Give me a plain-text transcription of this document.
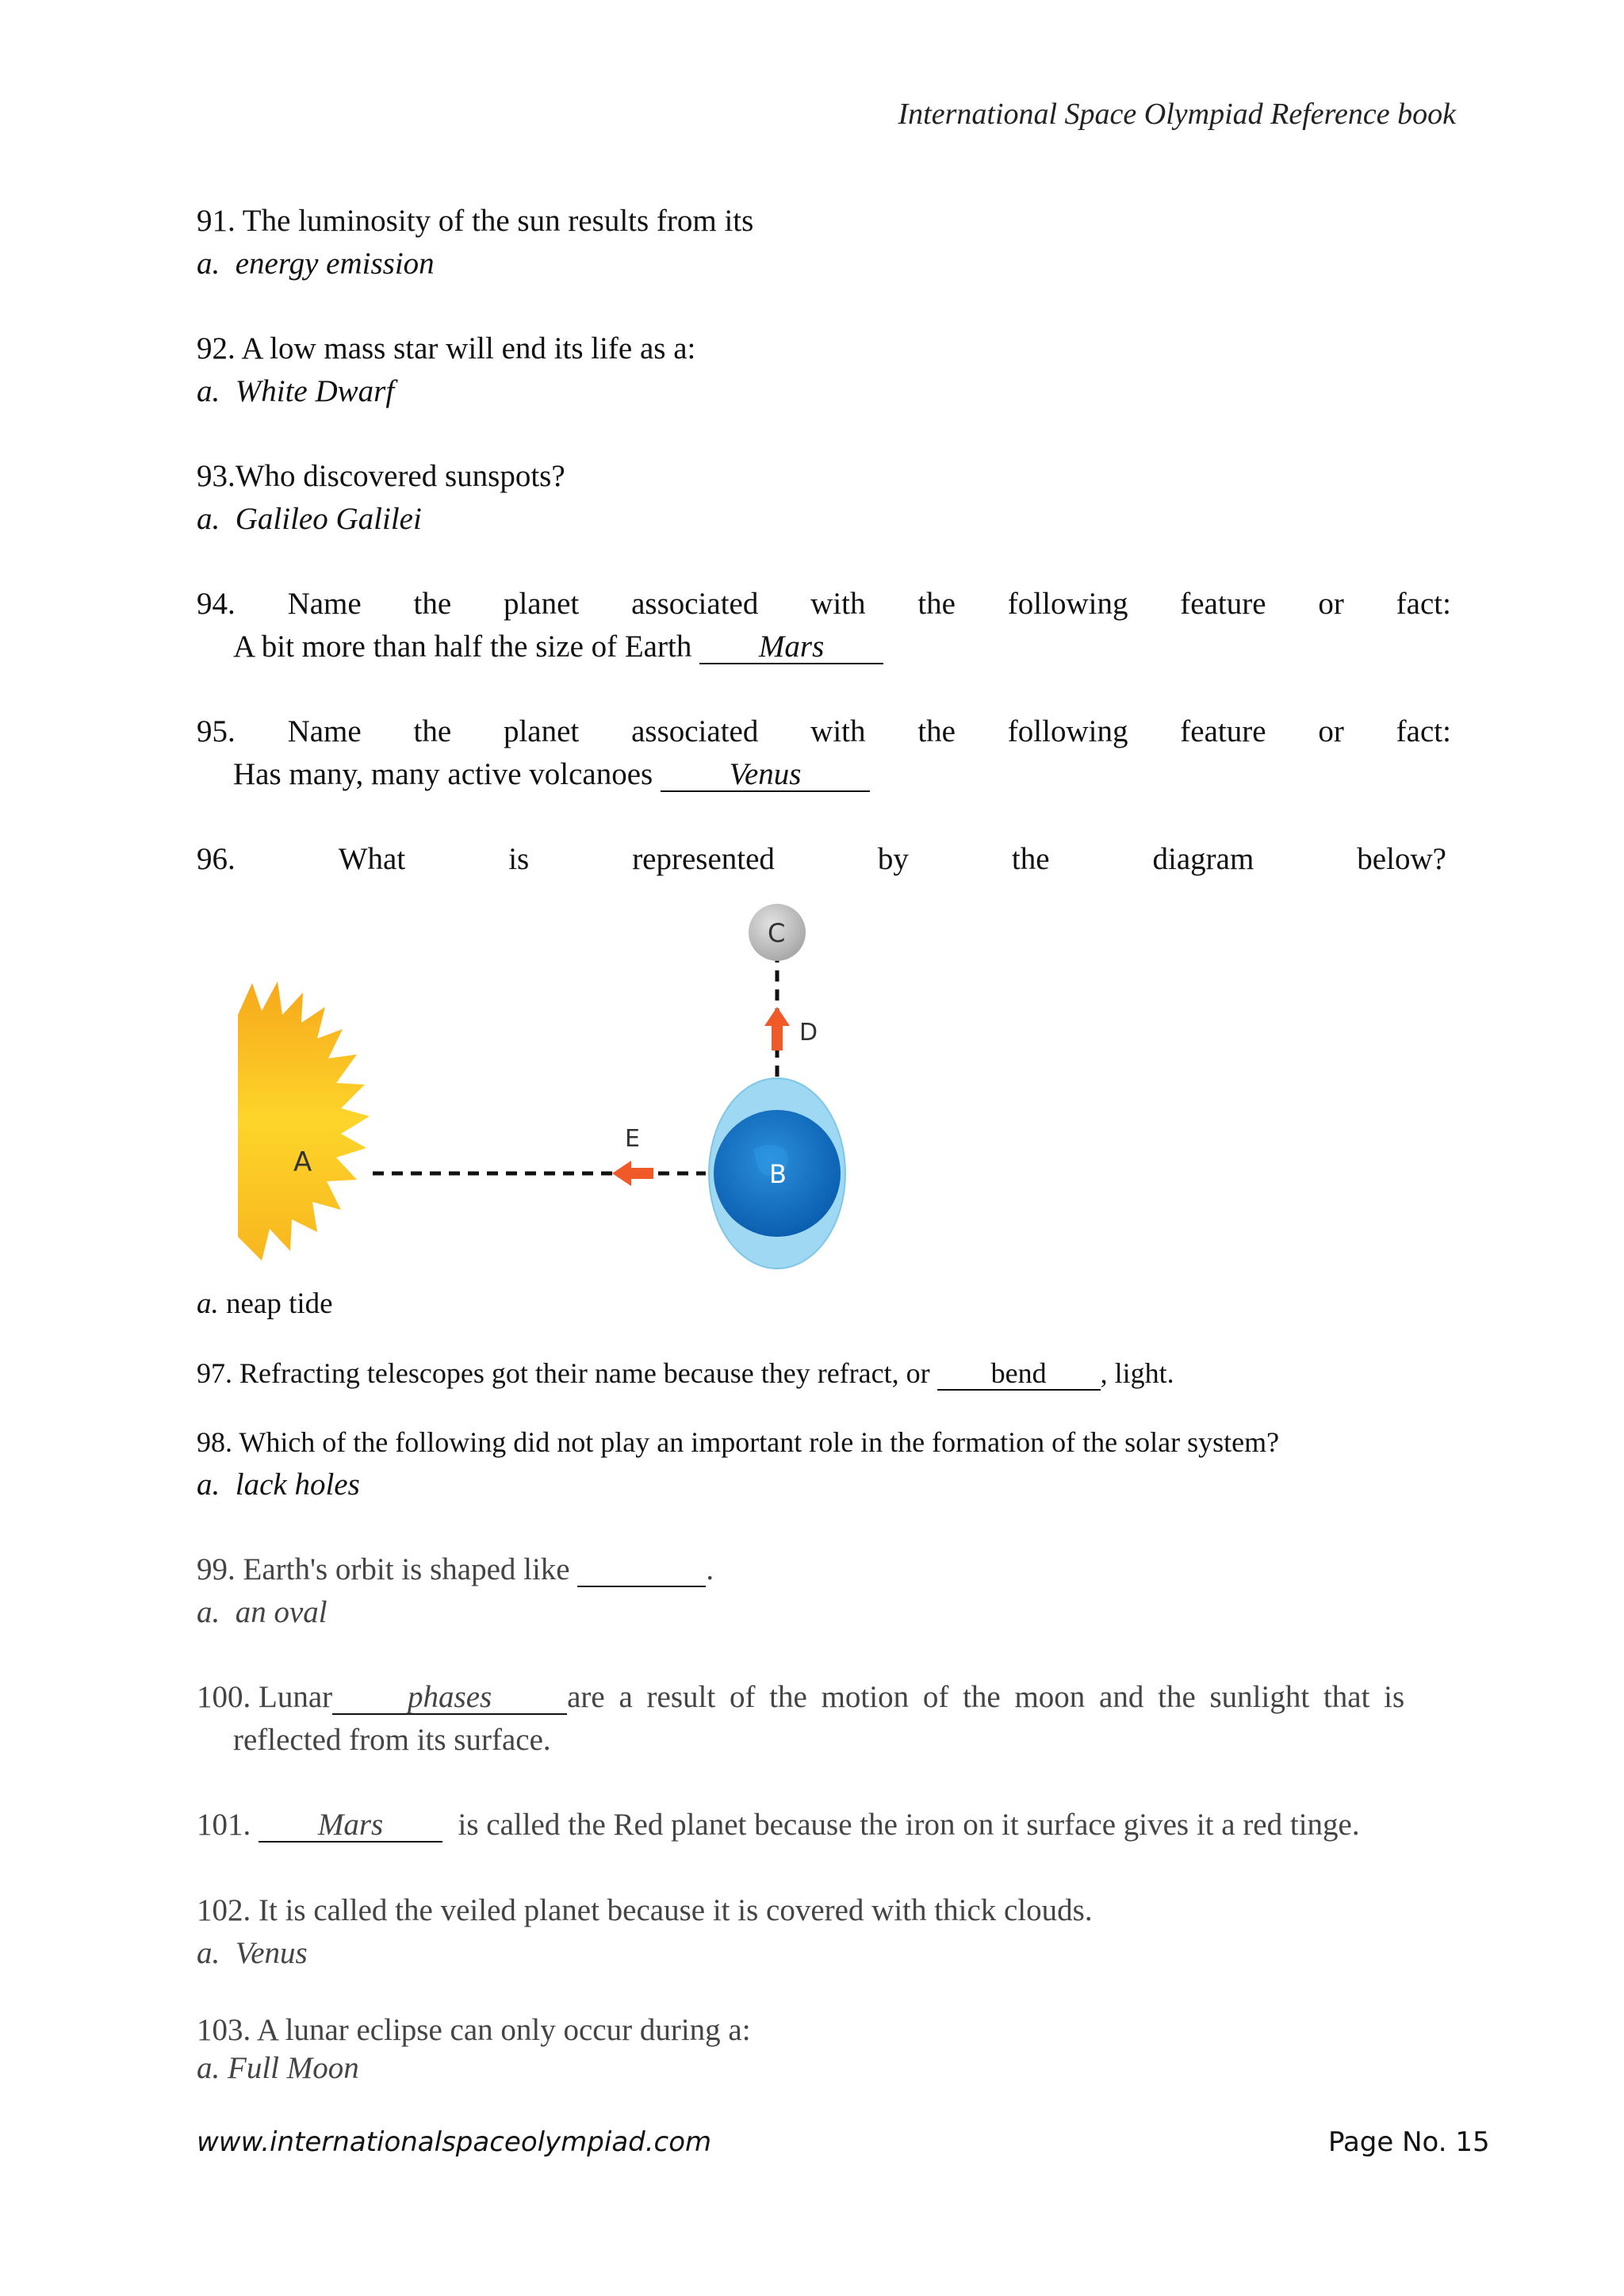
International Space Olympiad Reference book
91. The luminosity of the sun results from its
a. energy emission
92. A low mass star will end its life as a:
a. White Dwarf
93.Who discovered sunspots?
a. Galileo Galilei
94. Name the planet associated with the following feature or fact:
A bit more than half the size of Earth Mars
95. Name the planet associated with the following feature or fact:
Has many, many active volcanoes Venus
96.	What	is	represented	by	the	diagram	below?
A
E
B
D
C
a. neap tide
97. Refracting telescopes got their name because they refract, or bend , light.
98. Which of the following did not play an important role in the formation of the solar system?
a. lack holes
99. Earth's orbit is shaped like	.
a. an oval
100. Lunar phases are a result of the motion of the moon and the sunlight that is
reflected from its surface.
101. Mars is called the Red planet because the iron on it surface gives it a red tinge.
102. It is called the veiled planet because it is covered with thick clouds.
a. Venus
103. A lunar eclipse can only occur during a:
a. Full Moon
www.internationalspaceolympiad.com	Page No. 15
